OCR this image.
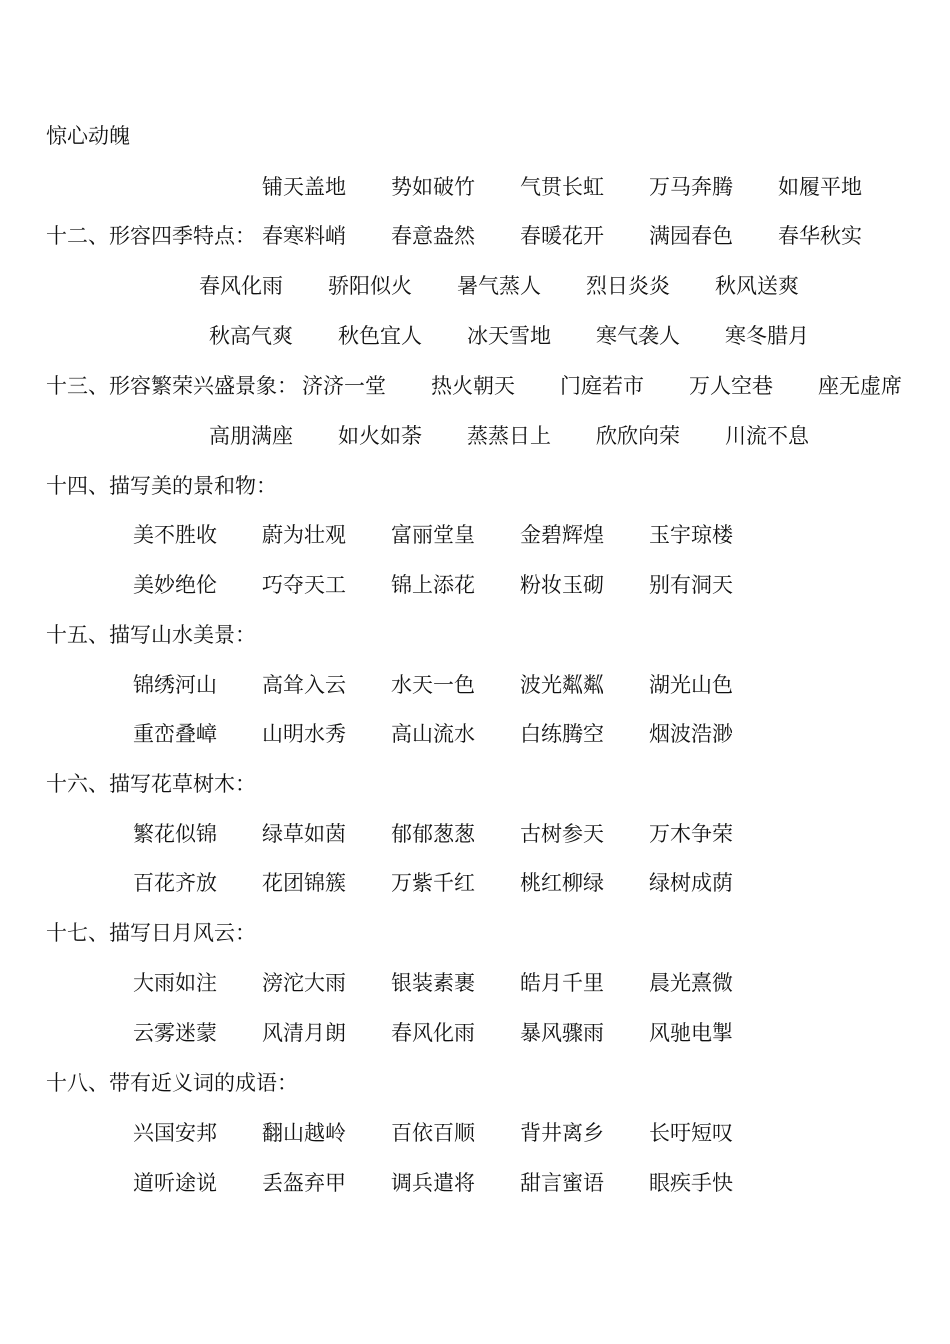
惊心动魄
铺天盖地 势如破竹 气贯长虹 万马奔腾 如履平地
十二、形容四季特点： 春寒料峭 春意盎然 春暖花开 满园春色 春华秋实
春风化雨 骄阳似火 暑气蒸人 烈日炎炎 秋风送爽
秋高气爽 秋色宜人 冰天雪地 寒气袭人 寒冬腊月
十三、形容繁荣兴盛景象： 济济一堂 热火朝天 门庭若市 万人空巷 座无虚席
高朋满座 如火如荼 蒸蒸日上 欣欣向荣 川流不息
十四、描写美的景和物：
美不胜收 蔚为壮观 富丽堂皇 金碧辉煌 玉宇琼楼
美妙绝伦 巧夺天工 锦上添花 粉妆玉砌 别有洞天
十五、描写山水美景：
锦绣河山 高耸入云 水天一色 波光粼粼 湖光山色
重峦叠嶂 山明水秀 高山流水 白练腾空 烟波浩渺
十六、描写花草树木：
繁花似锦 绿草如茵 郁郁葱葱 古树参天 万木争荣
百花齐放 花团锦簇 万紫千红 桃红柳绿 绿树成荫
十七、描写日月风云：
大雨如注 滂沱大雨 银装素裹 皓月千里 晨光熹微
云雾迷蒙 风清月朗 春风化雨 暴风骤雨 风驰电掣
十八、带有近义词的成语：
兴国安邦 翻山越岭 百依百顺 背井离乡 长吁短叹
道听途说 丢盔弃甲 调兵遣将 甜言蜜语 眼疾手快
